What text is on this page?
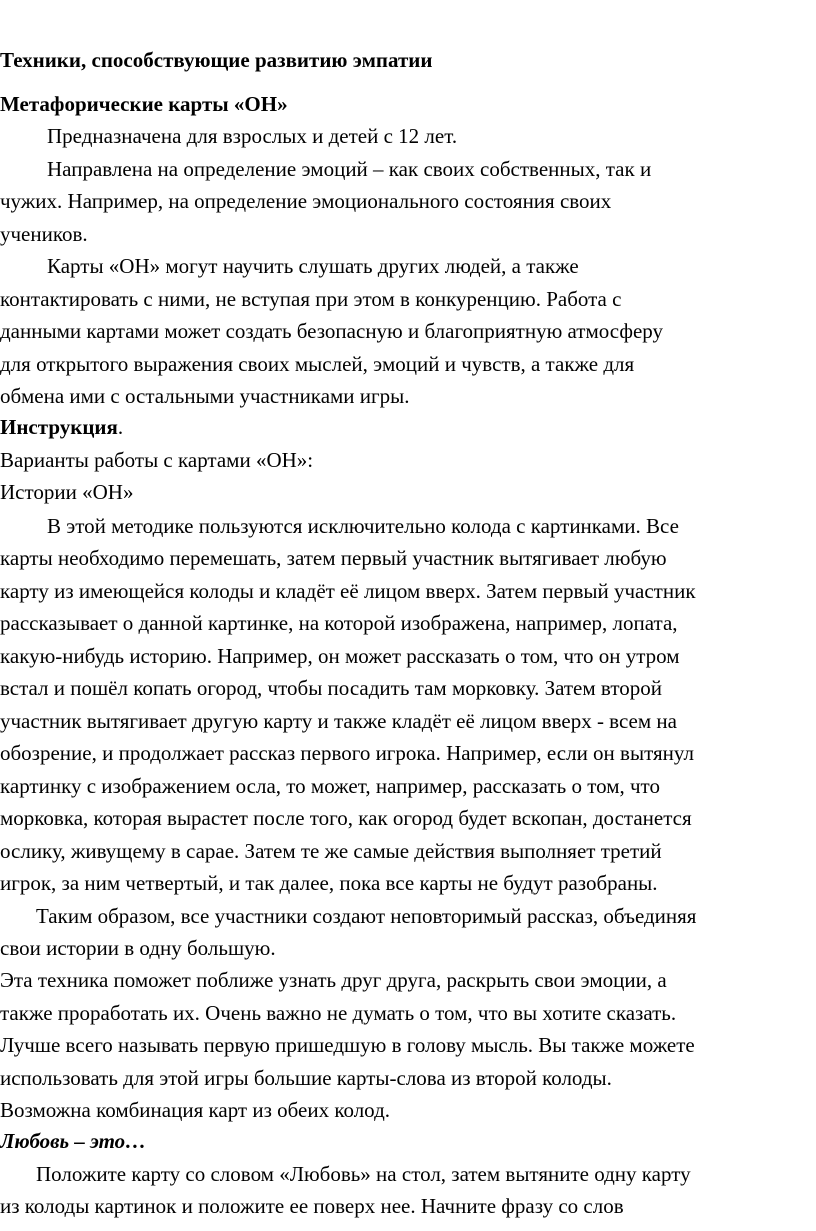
Техники, способствующие развитию эмпатии
Метафорические карты «ОН»
Предназначена для взрослых и детей с 12 лет.
Направлена на определение эмоций – как своих собственных, так и
чужих. Например, на определение эмоционального состояния своих
учеников.
Карты «ОН» могут научить слушать других людей, а также
контактировать с ними, не вступая при этом в конкуренцию. Работа с
данными картами может создать безопасную и благоприятную атмосферу
для открытого выражения своих мыслей, эмоций и чувств, а также для
обмена ими с остальными участниками игры.
Инструкция.
Варианты работы с картами «ОН»:
Истории «ОН»
В этой методике пользуются исключительно колода с картинками. Все
карты необходимо перемешать, затем первый участник вытягивает любую
карту из имеющейся колоды и кладёт её лицом вверх. Затем первый участник
рассказывает о данной картинке, на которой изображена, например, лопата,
какую-нибудь историю. Например, он может рассказать о том, что он утром
встал и пошёл копать огород, чтобы посадить там морковку. Затем второй
участник вытягивает другую карту и также кладёт её лицом вверх - всем на
обозрение, и продолжает рассказ первого игрока. Например, если он вытянул
картинку с изображением осла, то может, например, рассказать о том, что
морковка, которая вырастет после того, как огород будет вскопан, достанется
ослику, живущему в сарае. Затем те же самые действия выполняет третий
игрок, за ним четвертый, и так далее, пока все карты не будут разобраны.
Таким образом, все участники создают неповторимый рассказ, объединяя
свои истории в одну большую.
Эта техника поможет поближе узнать друг друга, раскрыть свои эмоции, а
также проработать их. Очень важно не думать о том, что вы хотите сказать.
Лучше всего называть первую пришедшую в голову мысль. Вы также можете
использовать для этой игры большие карты-слова из второй колоды.
Возможна комбинация карт из обеих колод.
Любовь – это…
Положите карту со словом «Любовь» на стол, затем вытяните одну карту
из колоды картинок и положите ее поверх нее. Начните фразу со слов
